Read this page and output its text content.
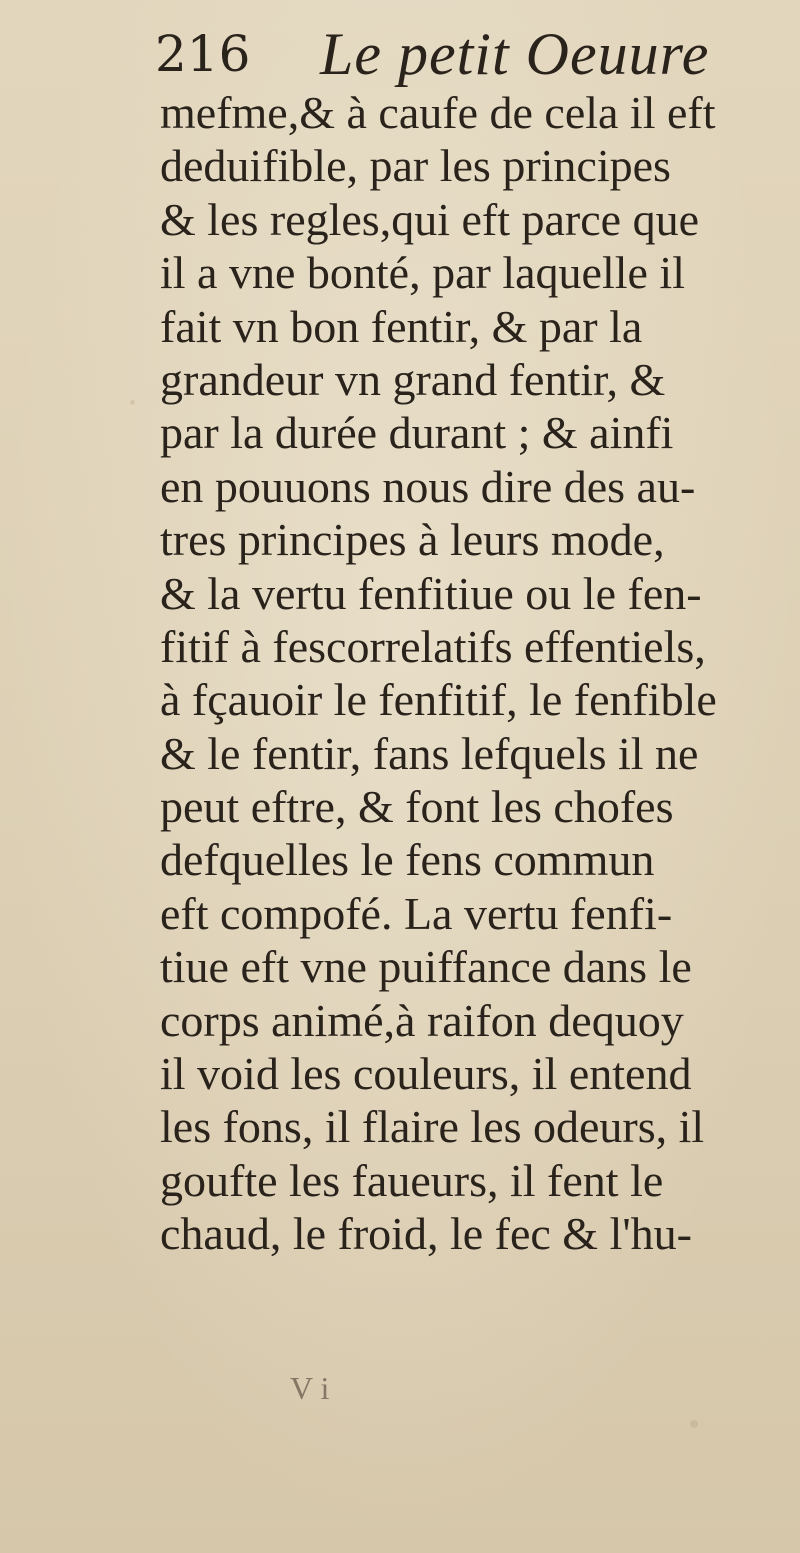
216 Le petit Oeuure
mefme,& à caufe de cela il eft
deduifible, par les principes
& les regles,qui eft parce que
il a vne bonté, par laquelle il
fait vn bon fentir, & par la
grandeur vn grand fentir, &
par la durée durant ; & ainfi
en pouuons nous dire des au-
tres principes à leurs mode,
& la vertu fenfitiue ou le fen-
fitif à fescorrelatifs effentiels,
à fçauoir le fenfitif, le fenfible
& le fentir, fans lefquels il ne
peut eftre, & font les chofes
defquelles le fens commun
eft compofé. La vertu fenfi-
tiue eft vne puiffance dans le
corps animé,à raifon dequoy
il void les couleurs, il entend
les fons, il flaire les odeurs, il
goufte les faueurs, il fent le
chaud, le froid, le fec & l'hu-
V i
